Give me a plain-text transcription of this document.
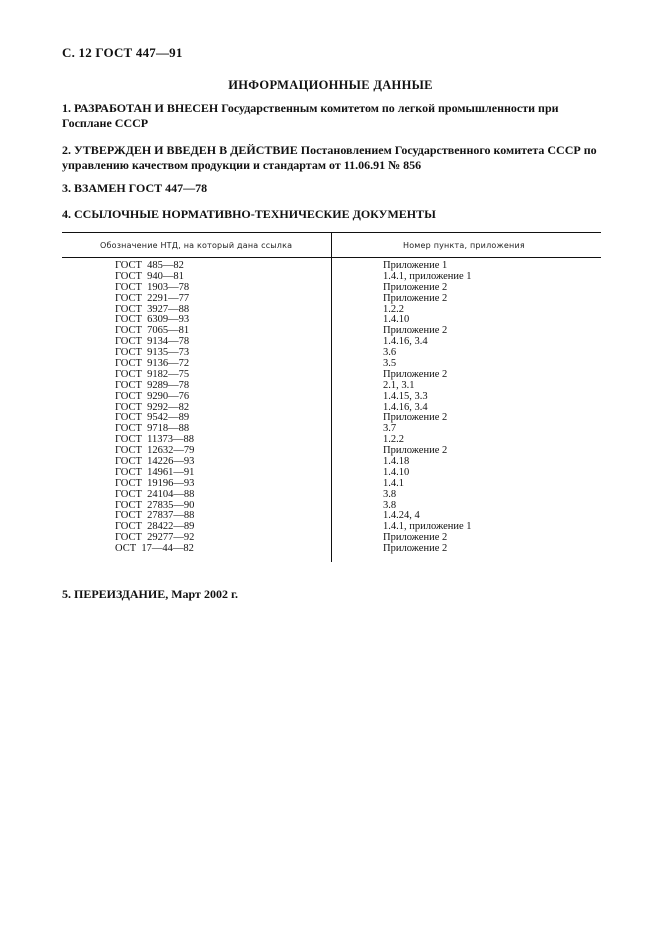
С. 12 ГОСТ 447—91
ИНФОРМАЦИОННЫЕ ДАННЫЕ
1. РАЗРАБОТАН И ВНЕСЕН Государственным комитетом по легкой промышленности при Госплане СССР
2. УТВЕРЖДЕН И ВВЕДЕН В ДЕЙСТВИЕ Постановлением Государственного комитета СССР по управлению качеством продукции и стандартам от 11.06.91 № 856
3. ВЗАМЕН ГОСТ 447—78
4. ССЫЛОЧНЫЕ НОРМАТИВНО-ТЕХНИЧЕСКИЕ ДОКУМЕНТЫ
Обозначение НТД, на который дана ссылка	Номер пункта, приложения
ГОСТ  485—82	Приложение 1
ГОСТ  940—81	1.4.1, приложение 1
ГОСТ  1903—78	Приложение 2
ГОСТ  2291—77	Приложение 2
ГОСТ  3927—88	1.2.2
ГОСТ  6309—93	1.4.10
ГОСТ  7065—81	Приложение 2
ГОСТ  9134—78	1.4.16, 3.4
ГОСТ  9135—73	3.6
ГОСТ  9136—72	3.5
ГОСТ  9182—75	Приложение 2
ГОСТ  9289—78	2.1, 3.1
ГОСТ  9290—76	1.4.15, 3.3
ГОСТ  9292—82	1.4.16, 3.4
ГОСТ  9542—89	Приложение 2
ГОСТ  9718—88	3.7
ГОСТ  11373—88	1.2.2
ГОСТ  12632—79	Приложение 2
ГОСТ  14226—93	1.4.18
ГОСТ  14961—91	1.4.10
ГОСТ  19196—93	1.4.1
ГОСТ  24104—88	3.8
ГОСТ  27835—90	3.8
ГОСТ  27837—88	1.4.24, 4
ГОСТ  28422—89	1.4.1, приложение 1
ГОСТ  29277—92	Приложение 2
ОСТ  17—44—82	Приложение 2
5. ПЕРЕИЗДАНИЕ, Март 2002 г.
